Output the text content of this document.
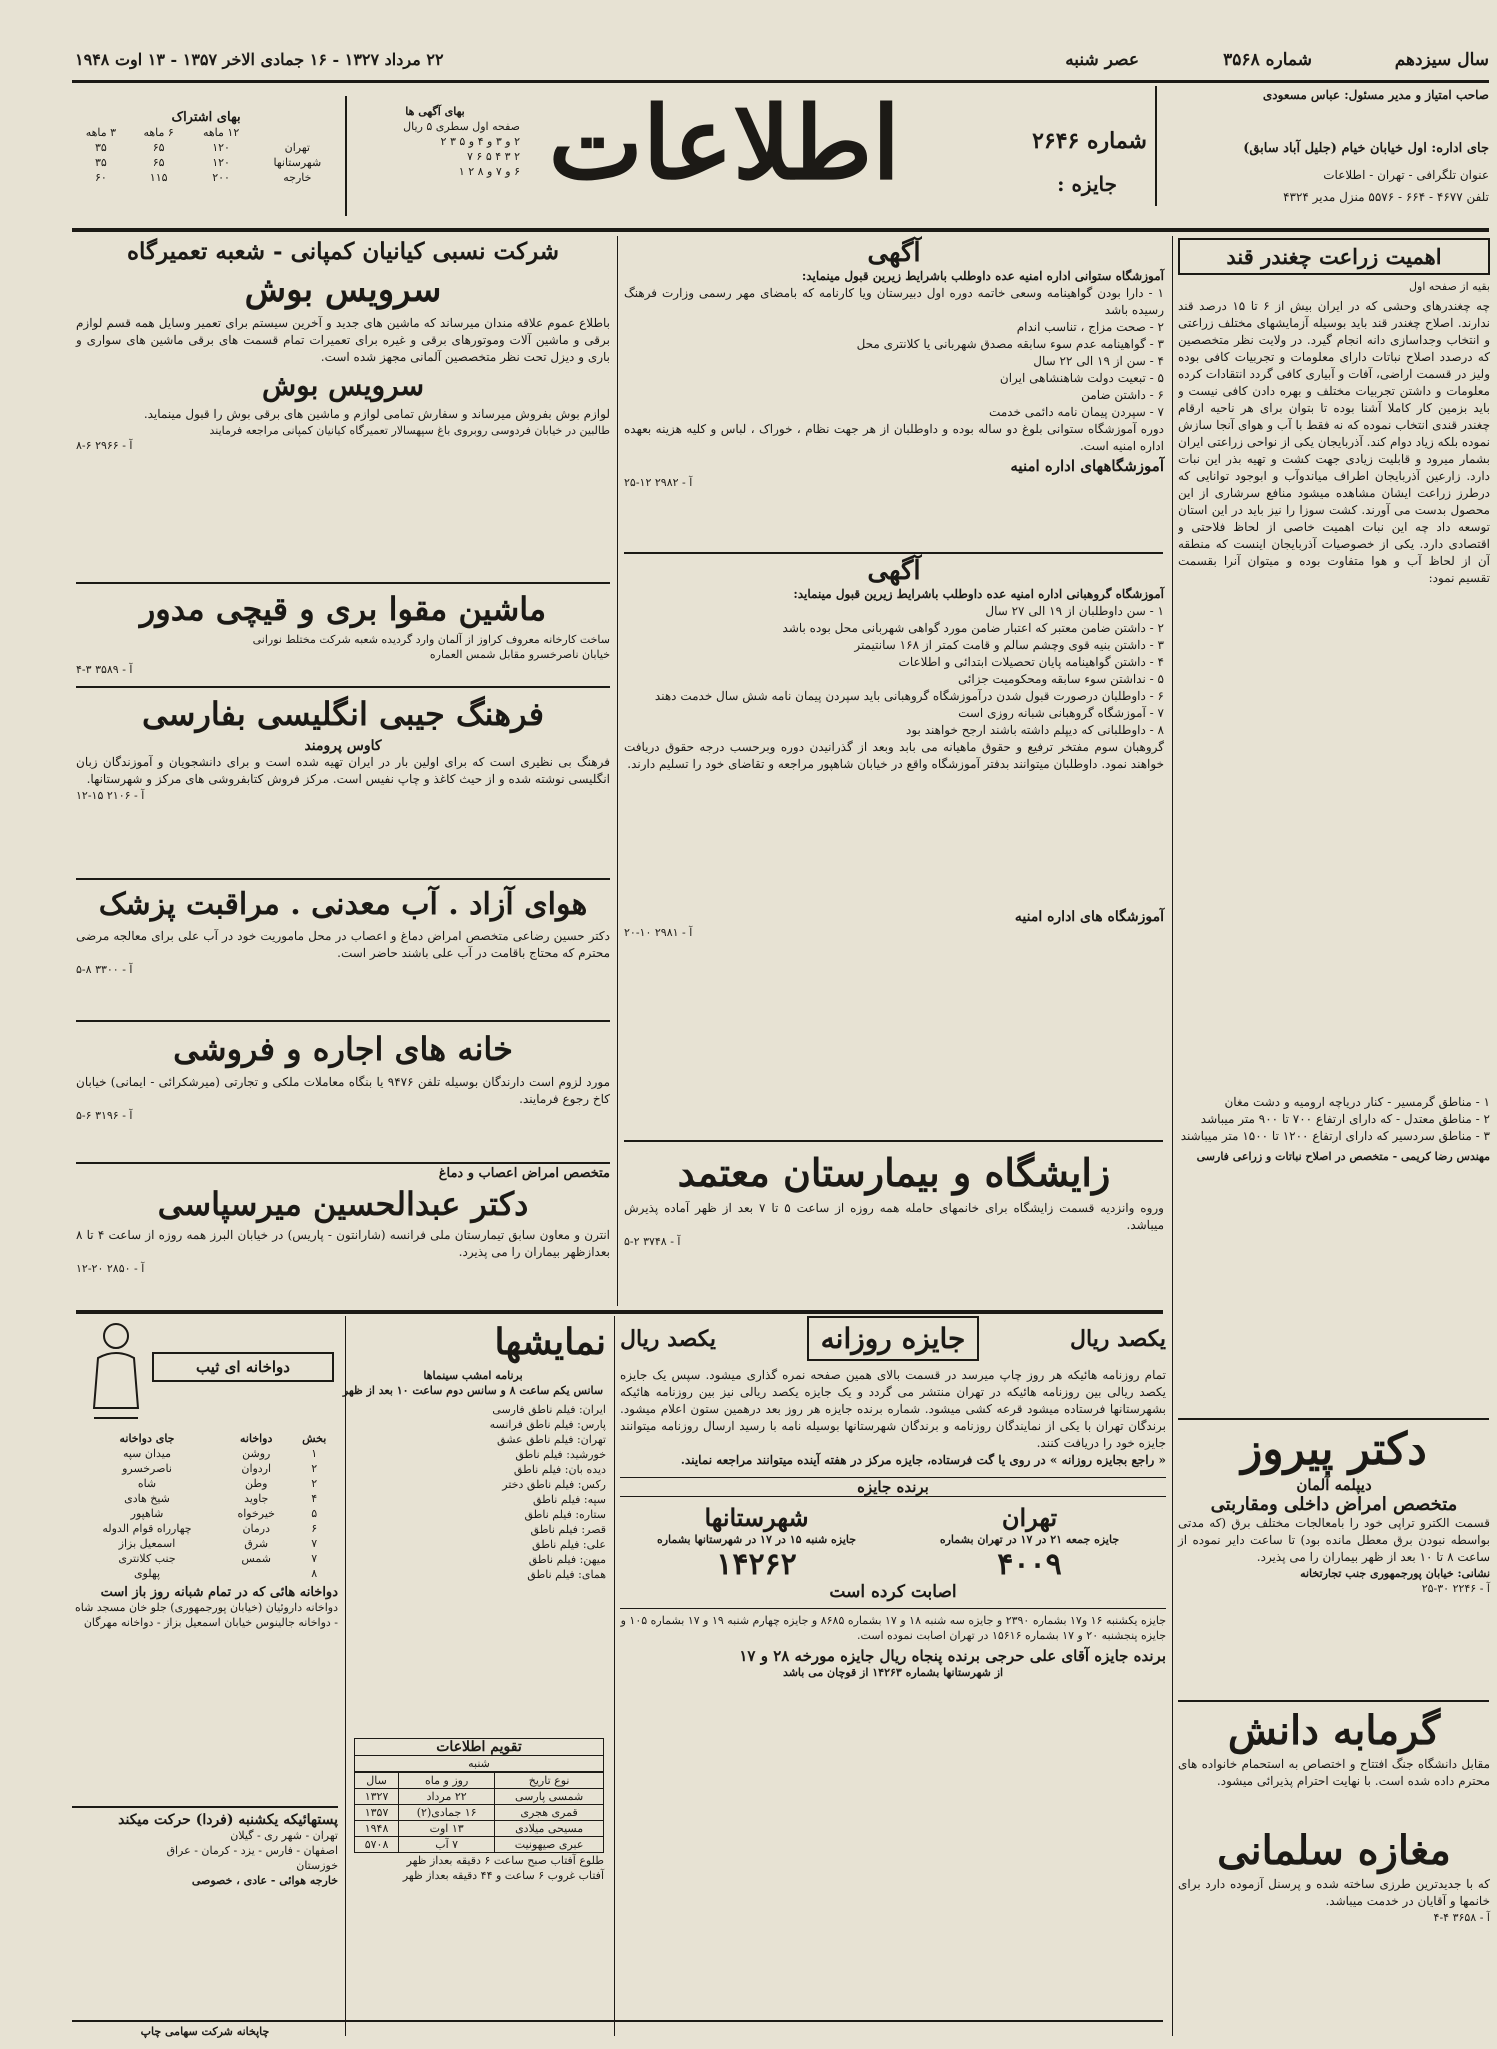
سال سیزدهم
شماره ۳۵۶۸
عصر شنبه
۲۲ مرداد ۱۳۲۷ - ۱۶ جمادی الاخر ۱۳۵۷ - ۱۳ اوت ۱۹۴۸
صاحب امتیاز و مدیر مسئول: عباس مسعودی
جای اداره: اول خیابان خیام (جلیل آباد سابق)
عنوان تلگرافی - تهران - اطلاعات
تلفن ۴۶۷۷ - ۶۶۴ - ۵۵۷۶ منزل مدیر ۴۳۲۴
شماره ۲۶۴۶
جایزه :
اطلاعات
بهای آگهی ها
صفحه اول سطری ۵ ریال
۲ و ۳ و ۴ و ۵ ۳ ۲
۲ ۳ ۴ ۵ ۶ ۷
۶ و ۷ و ۸ ۲ ۱
بهای اشتراک
	۱۲ ماهه	۶ ماهه	۳ ماهه
تهران	۱۲۰	۶۵	۳۵
شهرستانها	۱۲۰	۶۵	۳۵
خارجه	۲۰۰	۱۱۵	۶۰
اهمیت زراعت چغندر قند
بقیه از صفحه اول
چه چغندرهای وحشی که در ایران بیش از ۶ تا ۱۵ درصد قند ندارند. اصلاح چغندر قند باید بوسیله آزمایشهای مختلف زراعتی و انتخاب وجداسازی دانه انجام گیرد. در ولایت نظر متخصصین که درصدد اصلاح نباتات دارای معلومات و تجربیات کافی بوده ولیز در قسمت اراضی، آفات و آبیاری کافی گردد انتقادات کرده معلومات و داشتن تجربیات مختلف و بهره دادن کافی نیست و باید بزمین کار کاملا آشنا بوده تا بتوان برای هر ناحیه ارقام چغندر قندی انتخاب نموده که نه فقط با آب و هوای آنجا سازش نموده بلکه زیاد دوام کند. آذربایجان یکی از نواحی زراعتی ایران بشمار میرود و قابلیت زیادی جهت کشت و تهیه بذر این نبات دارد. زارعین آذربایجان اطراف میاندوآب و ابوجود توانایی که درطرز زراعت ایشان مشاهده میشود منافع سرشاری از این محصول بدست می آورند. کشت سوزا را نیز باید در این استان توسعه داد چه این نبات اهمیت خاصی از لحاظ فلاحتی و اقتصادی دارد. یکی از خصوصیات آذربایجان اینست که منطقه آن از لحاظ آب و هوا متفاوت بوده و میتوان آنرا بقسمت تقسیم نمود:
۱ - مناطق گرمسیر - کنار دریاچه ارومیه و دشت مغان
۲ - مناطق معتدل - که دارای ارتفاع ۷۰۰ تا ۹۰۰ متر میباشد
۳ - مناطق سردسیر که دارای ارتفاع ۱۲۰۰ تا ۱۵۰۰ متر میباشند
مهندس رضا کریمی - متخصص در اصلاح نباتات و زراعی فارسی
دکتر پیروز
دیپلمه آلمان
متخصص امراض داخلی ومقاربتی
قسمت الکترو تراپی خود را بامعالجات مختلف برق (که مدتی بواسطه نبودن برق معطل مانده بود) تا ساعت دایر نموده از ساعت ۸ تا ۱۰ بعد از ظهر بیماران را می پذیرد.
نشانی: خیابان پورجمهوری جنب تجارتخانه
آ - ۲۲۴۶ ۳۰-۲۵
گرمابه دانش
مقابل دانشگاه جنگ افتتاح و اختصاص به استحمام خانواده های محترم داده شده است. با نهایت احترام پذیرائی میشود.
مغازه سلمانی
که با جدیدترین طرزی ساخته شده و پرسنل آزموده دارد برای خانمها و آقایان در خدمت میباشد.
آ - ۳۶۵۸ ۴-۴
آگهی
آموزشگاه ستوانی اداره امنیه عده داوطلب باشرایط زیرین قبول مینماید:
۱ - دارا بودن گواهینامه وسعی خاتمه دوره اول دبیرستان ویا کارنامه که بامضای مهر رسمی وزارت فرهنگ رسیده باشد
۲ - صحت مزاج ، تناسب اندام
۳ - گواهینامه عدم سوء سابقه مصدق شهربانی یا کلانتری محل
۴ - سن از ۱۹ الی ۲۲ سال
۵ - تبعیت دولت شاهنشاهی ایران
۶ - داشتن ضامن
۷ - سپردن پیمان نامه دائمی خدمت
دوره آموزشگاه ستوانی بلوغ دو ساله بوده و داوطلبان از هر جهت نظام ، خوراک ، لباس و کلیه هزینه بعهده اداره امنیه است.
آموزشگاههای اداره امنیه
آ - ۲۹۸۲ ۱۲-۲۵
آگهی
آموزشگاه گروهبانی اداره امنیه عده داوطلب باشرایط زیرین قبول مینماید:
۱ - سن داوطلبان از ۱۹ الی ۲۷ سال
۲ - داشتن ضامن معتبر که اعتبار ضامن مورد گواهی شهربانی محل بوده باشد
۳ - داشتن بنیه قوی وچشم سالم و قامت کمتر از ۱۶۸ سانتیمتر
۴ - داشتن گواهینامه پایان تحصیلات ابتدائی و اطلاعات
۵ - نداشتن سوء سابقه ومحکومیت جزائی
۶ - داوطلبان درصورت قبول شدن درآموزشگاه گروهبانی باید سپردن پیمان نامه شش سال خدمت دهند
۷ - آموزشگاه گروهبانی شبانه روزی است
۸ - داوطلبانی که دیپلم داشته باشند ارجح خواهند بود
گروهبان سوم مفتخر ترفیع و حقوق ماهیانه می بابد وبعد از گذرانیدن دوره وبرحسب درجه حقوق دریافت خواهند نمود. داوطلبان میتوانند بدفتر آموزشگاه واقع در خیابان شاهپور مراجعه و تقاضای خود را تسلیم دارند.
آموزشگاه های اداره امنیه
آ - ۲۹۸۱ ۱۰-۲۰
زایشگاه و بیمارستان معتمد
وروه وانزدیه قسمت زایشگاه برای خانمهای حامله همه روزه از ساعت ۵ تا ۷ بعد از ظهر آماده پذیرش میباشد.
آ - ۳۷۴۸ ۲-۵
شرکت نسبی کیانیان کمپانی - شعبه تعمیرگاه
سرویس بوش
باطلاع عموم علاقه مندان میرساند که ماشین های جدید و آخرین سیستم برای تعمیر وسایل همه قسم لوازم برقی و ماشین آلات وموتورهای برقی و غیره برای تعمیرات تمام قسمت های برقی ماشین های سواری و باری و دیزل تحت نظر متخصصین آلمانی مجهز شده است.
سرویس بوش
لوازم بوش بفروش میرساند و سفارش تمامی لوازم و ماشین های برقی بوش را قبول مینماید.
طالبین در خیابان فردوسی روبروی باغ سپهسالار تعمیرگاه کیانیان کمپانی مراجعه فرمایند
آ - ۲۹۶۶ ۶-۸
ماشین مقوا بری و قیچی مدور
ساخت کارخانه معروف کراوز از آلمان وارد گردیده شعبه شرکت مختلط نورانی
خیابان ناصرخسرو مقابل شمس العماره
آ - ۳۵۸۹ ۳-۴
فرهنگ جیبی انگلیسی بفارسی
کاوس پرومند
فرهنگ بی نظیری است که برای اولین بار در ایران تهیه شده است و برای دانشجویان و آموزندگان زبان انگلیسی نوشته شده و از حیث کاغذ و چاپ نفیس است. مرکز فروش کتابفروشی های مرکز و شهرستانها.
آ - ۲۱۰۶ ۱۵-۱۲
هوای آزاد . آب معدنی . مراقبت پزشک
دکتر حسین رضاعی متخصص امراض دماغ و اعصاب در محل ماموریت خود در آب علی برای معالجه مرضی محترم که محتاج باقامت در آب علی باشند حاضر است.
آ - ۳۳۰۰ ۸-۵
خانه های اجاره و فروشی
مورد لزوم است دارندگان بوسیله تلفن ۹۴۷۶ یا بنگاه معاملات ملکی و تجارتی (میرشکرائی - ایمانی) خیابان کاخ رجوع فرمایند.
آ - ۳۱۹۶ ۶-۵
متخصص امراض اعصاب و دماغ
دکتر عبدالحسین میرسپاسی
انترن و معاون سابق تیمارستان ملی فرانسه (شارانتون - پاریس) در خیابان البرز همه روزه از ساعت ۴ تا ۸ بعدازظهر بیماران را می پذیرد.
آ - ۲۸۵۰ ۲۰-۱۲
یکصد ریال
جایزه روزانه
یکصد ریال
تمام روزنامه هائیکه هر روز چاپ میرسد در قسمت بالای همین صفحه نمره گذاری میشود. سپس یک جایزه یکصد ریالی بین روزنامه هائیکه در تهران منتشر می گردد و یک جایزه یکصد ریالی نیز بین روزنامه هائیکه بشهرستانها فرستاده میشود قرعه کشی میشود. شماره برنده جایزه هر روز بعد درهمین ستون اعلام میشود. برندگان تهران با یکی از نمایندگان روزنامه و برندگان شهرستانها بوسیله نامه با رسید ارسال روزنامه میتوانند جایزه خود را دریافت کنند.
« راجع بجایزه روزانه » در روی یا گت فرستاده، جایزه مرکز در هفته آینده میتوانند مراجعه نمایند.
برنده جایزه
تهران
جایزه جمعه ۲۱ در ۱۷ در تهران بشماره
۴۰۰۹
شهرستانها
جایزه شنبه ۱۵ در ۱۷ در شهرستانها بشماره
۱۴۲۶۲
اصابت کرده است
جایزه یکشنبه ۱۶ و۱۷ بشماره ۲۳۹۰ و جایزه سه شنبه ۱۸ و ۱۷ بشماره ۸۶۸۵ و جایزه چهارم شنبه ۱۹ و ۱۷ بشماره ۱۰۵ و جایزه پنجشنبه ۲۰ و ۱۷ بشماره ۱۵۶۱۶ در تهران اصابت نموده است.
برنده جایزه آقای علی حرجی برنده پنجاه ریال جایزه مورخه ۲۸ و ۱۷
از شهرستانها بشماره ۱۴۲۶۳ از قوچان می باشد
نمایشها
برنامه امشب سینماها
سانس یکم ساعت ۸ و سانس دوم ساعت ۱۰ بعد از ظهر
ایران: فیلم ناطق فارسی
پارس: فیلم ناطق فرانسه
تهران: فیلم ناطق عشق
خورشید: فیلم ناطق
دیده بان: فیلم ناطق
رکس: فیلم ناطق دختر
سپه: فیلم ناطق
ستاره: فیلم ناطق
قصر: فیلم ناطق
علی: فیلم ناطق
میهن: فیلم ناطق
همای: فیلم ناطق
تقویم اطلاعات
شنبه
نوع تاریخ	روز و ماه	سال
شمسی پارسی	۲۲ مرداد	۱۳۲۷
قمری هجری	۱۶ جمادی(۲)	۱۳۵۷
مسیحی میلادی	۱۳ اوت	۱۹۴۸
عبری صیهونیت	۷ آب	۵۷۰۸
طلوع آفتاب صبح ساعت ۶ دقیقه بعداز ظهر
آفتاب غروب ۶ ساعت و ۴۴ دقیقه بعداز ظهر
دواخانه ای ثیب
بخش	دواخانه	جای دواخانه
۱	روشن	میدان سپه
۲	اردوان	ناصرخسرو
۲	وطن	شاه
۴	جاوید	شیخ هادی
۵	خیرخواه	شاهپور
۶	درمان	چهارراه قوام الدوله
۷	شرق	اسمعیل بزاز
۷	شمس	جنب کلانتری
۸		پهلوی
دواخانه هائی که در تمام شبانه روز باز است
دواخانه داروئیان (خیابان پورجمهوری) جلو خان مسجد شاه - دواخانه جالینوس خیابان اسمعیل بزاز - دواخانه مهرگان
پستهائیکه یکشنبه (فردا) حرکت میکند
تهران - شهر ری - گیلان
اصفهان - فارس - یزد - کرمان - عراق
خوزستان
خارجه هوائی - عادی ، خصوصی
چاپخانه شرکت سهامی چاپ
